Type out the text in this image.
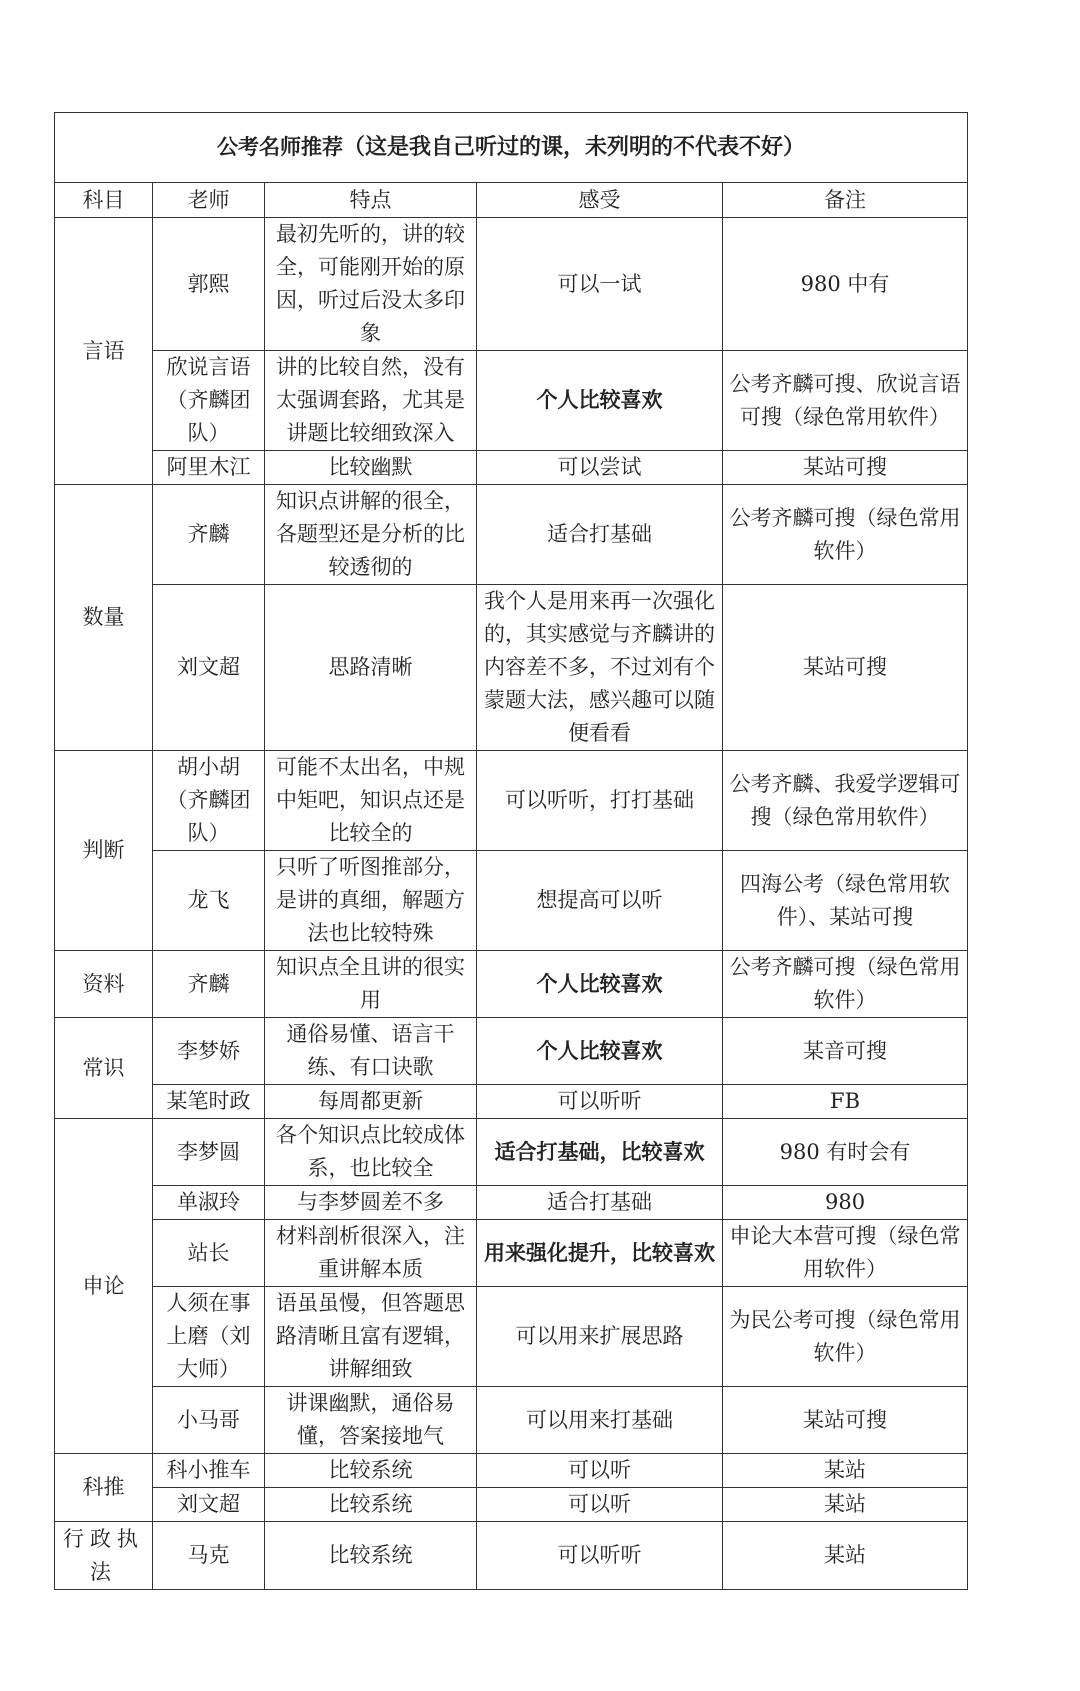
公考名师推荐（这是我自己听过的课，未列明的不代表不好）				
科目	老师	特点	感受	备注
言语	郭熙	最初先听的，讲的较全，可能刚开始的原因，听过后没太多印象	可以一试	980 中有
	欣说言语（齐麟团队）	讲的比较自然，没有太强调套路，尤其是讲题比较细致深入	个人比较喜欢	公考齐麟可搜、欣说言语可搜（绿色常用软件）
	阿里木江	比较幽默	可以尝试	某站可搜
数量	齐麟	知识点讲解的很全，各题型还是分析的比较透彻的	适合打基础	公考齐麟可搜（绿色常用软件）
	刘文超	思路清晰	我个人是用来再一次强化的，其实感觉与齐麟讲的内容差不多，不过刘有个蒙题大法，感兴趣可以随便看看	某站可搜
判断	胡小胡（齐麟团队）	可能不太出名，中规中矩吧，知识点还是比较全的	可以听听，打打基础	公考齐麟、我爱学逻辑可搜（绿色常用软件）
	龙飞	只听了听图推部分，是讲的真细，解题方法也比较特殊	想提高可以听	四海公考（绿色常用软件）、某站可搜
资料	齐麟	知识点全且讲的很实用	个人比较喜欢	公考齐麟可搜（绿色常用软件）
常识	李梦娇	通俗易懂、语言干练、有口诀歌	个人比较喜欢	某音可搜
	某笔时政	每周都更新	可以听听	FB
申论	李梦圆	各个知识点比较成体系，也比较全	适合打基础，比较喜欢	980 有时会有
	单淑玲	与李梦圆差不多	适合打基础	980
	站长	材料剖析很深入，注重讲解本质	用来强化提升，比较喜欢	申论大本营可搜（绿色常用软件）
	人须在事上磨（刘大师）	语虽虽慢，但答题思路清晰且富有逻辑，讲解细致	可以用来扩展思路	为民公考可搜（绿色常用软件）
	小马哥	讲课幽默，通俗易懂，答案接地气	可以用来打基础	某站可搜
科推	科小推车	比较系统	可以听	某站
	刘文超	比较系统	可以听	某站
行政执法	马克	比较系统	可以听听	某站
